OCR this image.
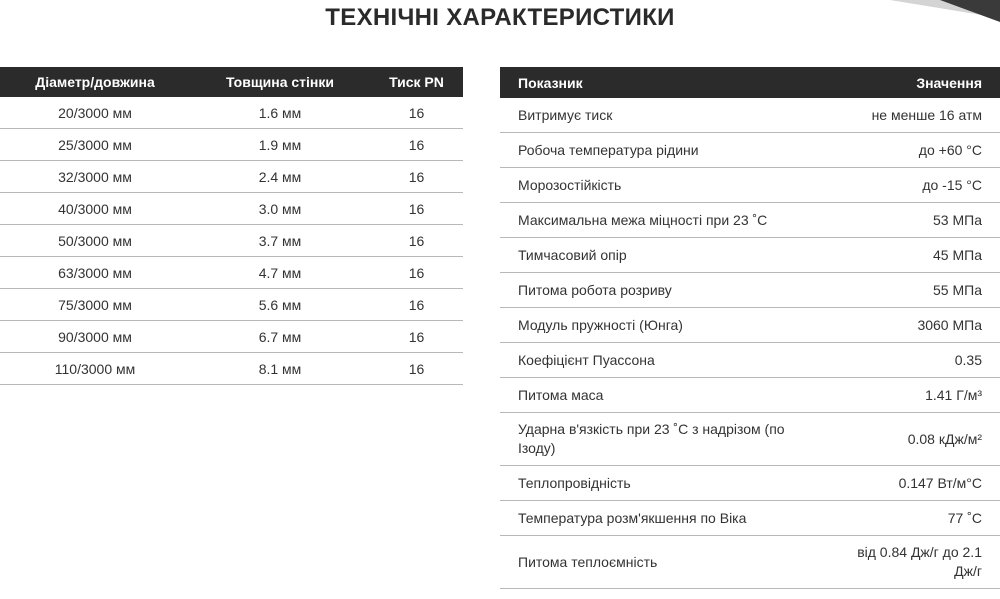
ТЕХНІЧНІ ХАРАКТЕРИСТИКИ
Діаметр/довжина	Товщина стінки	Тиск PN
20/3000 мм	1.6 мм	16
25/3000 мм	1.9 мм	16
32/3000 мм	2.4 мм	16
40/3000 мм	3.0 мм	16
50/3000 мм	3.7 мм	16
63/3000 мм	4.7 мм	16
75/3000 мм	5.6 мм	16
90/3000 мм	6.7 мм	16
110/3000 мм	8.1 мм	16
Показник	Значення
Витримує тиск	не менше 16 атм
Робоча температура рідини	до +60 °С
Морозостійкість	до -15 °С
Максимальна межа міцності при 23 ˚С	53 МПа
Тимчасовий опір	45 МПа
Питома робота розриву	55 МПа
Модуль пружності (Юнга)	3060 МПа
Коефіцієнт Пуассона	0.35
Питома маса	1.41 Г/м³
Ударна в'язкість при 23 ˚С з надрізом (по Ізоду)	0.08 кДж/м²
Теплопровідність	0.147 Вт/м°С
Температура розм'якшення по Віка	77 ˚С
Питома теплоємність	від 0.84 Дж/г до 2.1 Дж/г
